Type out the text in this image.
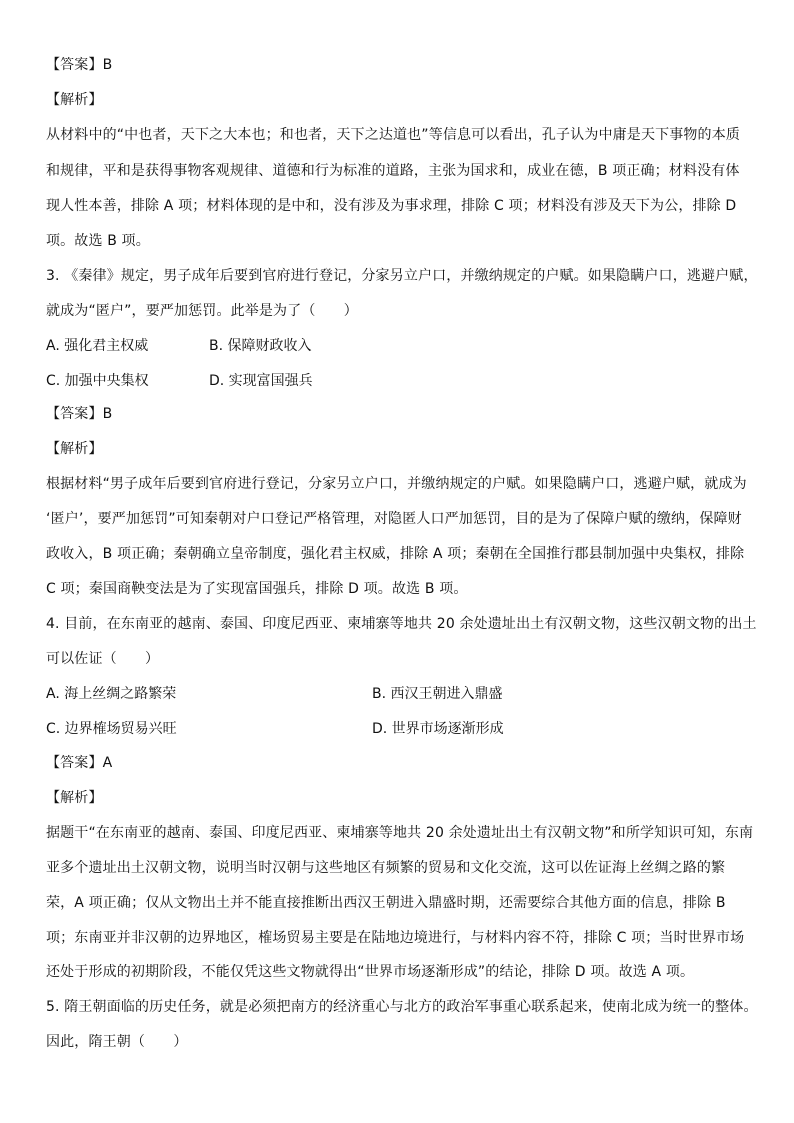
【答案】B
【解析】
从材料中的“中也者，天下之大本也；和也者，天下之达道也”等信息可以看出，孔子认为中庸是天下事物的本质
和规律，平和是获得事物客观规律、道德和行为标准的道路，主张为国求和，成业在德，B 项正确；材料没有体
现人性本善，排除 A 项；材料体现的是中和，没有涉及为事求理，排除 C 项；材料没有涉及天下为公，排除 D
项。故选 B 项。
3. 《秦律》规定，男子成年后要到官府进行登记，分家另立户口，并缴纳规定的户赋。如果隐瞒户口，逃避户赋，
就成为“匿户”，要严加惩罚。此举是为了（　　）
A. 强化君主权威	B. 保障财政收入
C. 加强中央集权	D. 实现富国强兵
【答案】B
【解析】
根据材料“男子成年后要到官府进行登记，分家另立户口，并缴纳规定的户赋。如果隐瞒户口，逃避户赋，就成为
‘匿户’，要严加惩罚”可知秦朝对户口登记严格管理，对隐匿人口严加惩罚，目的是为了保障户赋的缴纳，保障财
政收入，B 项正确；秦朝确立皇帝制度，强化君主权威，排除 A 项；秦朝在全国推行郡县制加强中央集权，排除
C 项；秦国商鞅变法是为了实现富国强兵，排除 D 项。故选 B 项。
4. 目前，在东南亚的越南、泰国、印度尼西亚、柬埔寨等地共 20 余处遗址出土有汉朝文物，这些汉朝文物的出土
可以佐证（　　）
A. 海上丝绸之路繁荣	B. 西汉王朝进入鼎盛
C. 边界榷场贸易兴旺	D. 世界市场逐渐形成
【答案】A
【解析】
据题干“在东南亚的越南、泰国、印度尼西亚、柬埔寨等地共 20 余处遗址出土有汉朝文物”和所学知识可知，东南
亚多个遗址出土汉朝文物，说明当时汉朝与这些地区有频繁的贸易和文化交流，这可以佐证海上丝绸之路的繁
荣，A 项正确；仅从文物出土并不能直接推断出西汉王朝进入鼎盛时期，还需要综合其他方面的信息，排除 B
项；东南亚并非汉朝的边界地区，榷场贸易主要是在陆地边境进行，与材料内容不符，排除 C 项；当时世界市场
还处于形成的初期阶段，不能仅凭这些文物就得出“世界市场逐渐形成”的结论，排除 D 项。故选 A 项。
5. 隋王朝面临的历史任务，就是必须把南方的经济重心与北方的政治军事重心联系起来，使南北成为统一的整体。
因此，隋王朝（　　）
